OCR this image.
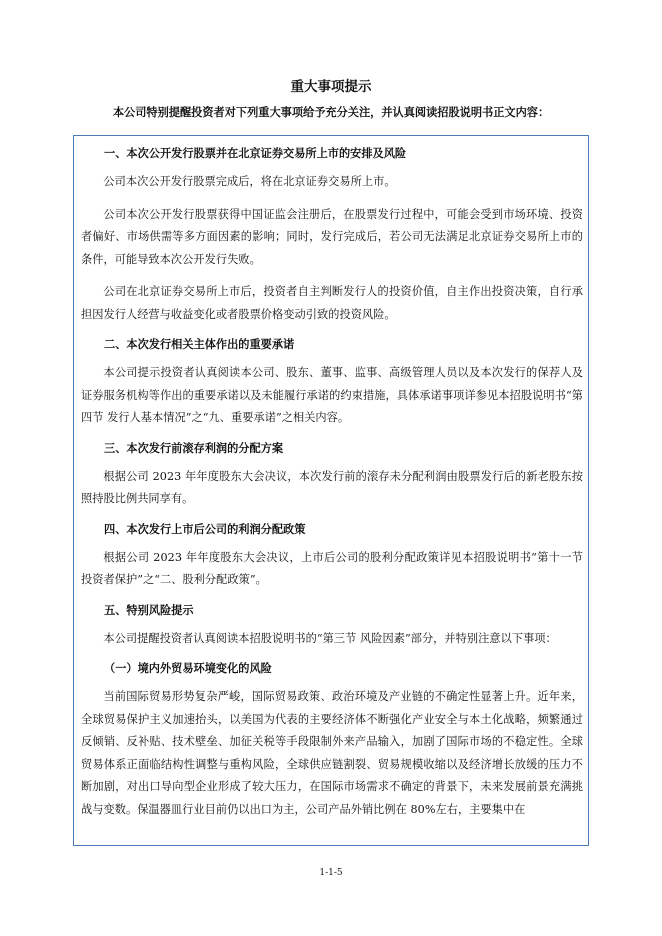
重大事项提示
本公司特别提醒投资者对下列重大事项给予充分关注，并认真阅读招股说明书正文内容：

一、本次公开发行股票并在北京证券交易所上市的安排及风险

公司本次公开发行股票完成后，将在北京证券交易所上市。

公司本次公开发行股票获得中国证监会注册后，在股票发行过程中，可能会受到市场环境、投资者偏好、市场供需等多方面因素的影响；同时，发行完成后，若公司无法满足北京证券交易所上市的条件，可能导致本次公开发行失败。

公司在北京证券交易所上市后，投资者自主判断发行人的投资价值，自主作出投资决策，自行承担因发行人经营与收益变化或者股票价格变动引致的投资风险。

二、本次发行相关主体作出的重要承诺

本公司提示投资者认真阅读本公司、股东、董事、监事、高级管理人员以及本次发行的保荐人及证券服务机构等作出的重要承诺以及未能履行承诺的约束措施，具体承诺事项详参见本招股说明书“第四节 发行人基本情况”之“九、重要承诺”之相关内容。

三、本次发行前滚存利润的分配方案

根据公司 2023 年年度股东大会决议，本次发行前的滚存未分配利润由股票发行后的新老股东按照持股比例共同享有。

四、本次发行上市后公司的利润分配政策

根据公司 2023 年年度股东大会决议，上市后公司的股利分配政策详见本招股说明书“第十一节 投资者保护”之“二、股利分配政策”。

五、特别风险提示

本公司提醒投资者认真阅读本招股说明书的“第三节 风险因素”部分，并特别注意以下事项：

（一）境内外贸易环境变化的风险

当前国际贸易形势复杂严峻，国际贸易政策、政治环境及产业链的不确定性显著上升。近年来，全球贸易保护主义加速抬头，以美国为代表的主要经济体不断强化产业安全与本土化战略，频繁通过反倾销、反补贴、技术壁垒、加征关税等手段限制外来产品输入，加剧了国际市场的不稳定性。全球贸易体系正面临结构性调整与重构风险，全球供应链割裂、贸易规模收缩以及经济增长放缓的压力不断加剧，对出口导向型企业形成了较大压力，在国际市场需求不确定的背景下，未来发展前景充满挑战与变数。保温器皿行业目前仍以出口为主，公司产品外销比例在 80%左右，主要集中在

1-1-5
